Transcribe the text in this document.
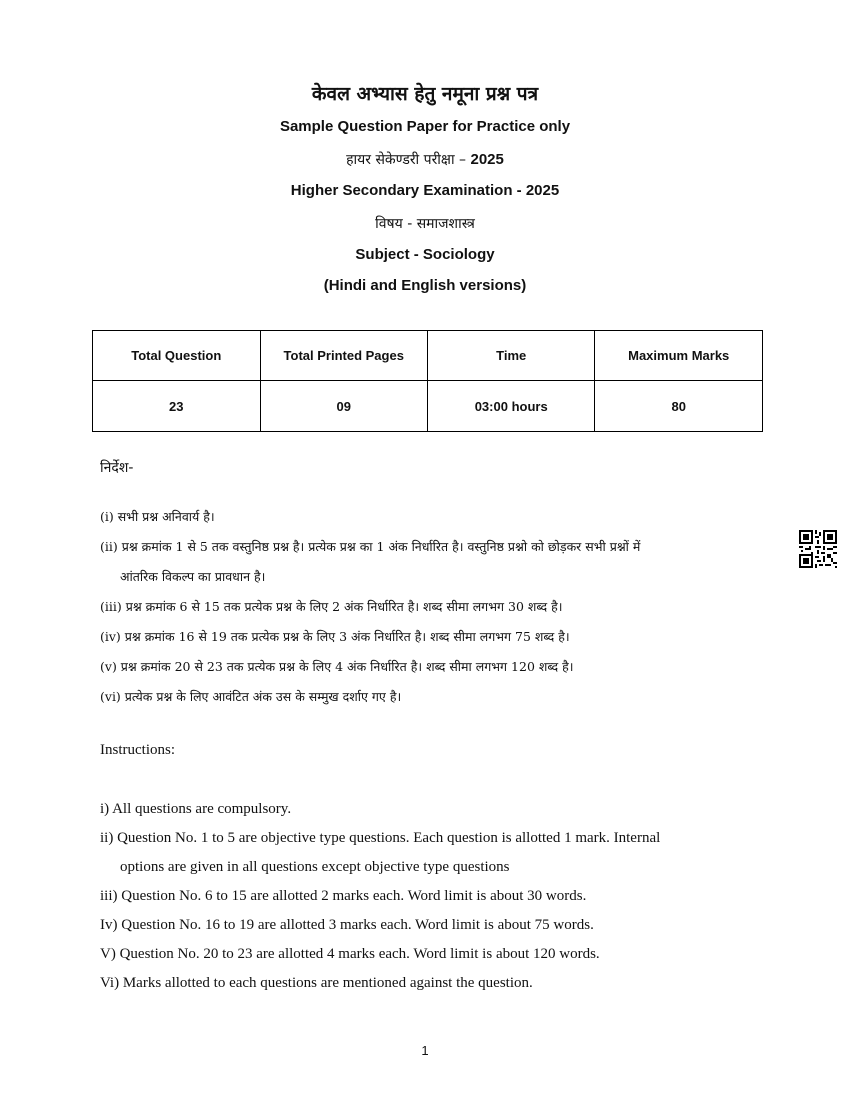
केवल अभ्यास हेतु नमूना प्रश्न पत्र
Sample Question Paper for Practice only
हायर सेकेण्डरी परीक्षा – 2025
Higher Secondary Examination - 2025
विषय - समाजशास्त्र
Subject - Sociology
(Hindi and English versions)
Total Question	Total Printed Pages	Time	Maximum Marks
23	09	03:00 hours	80
निर्देश-
(i) सभी प्रश्न अनिवार्य है।
(ii) प्रश्न क्रमांक 1 से 5 तक वस्तुनिष्ठ प्रश्न है। प्रत्येक प्रश्न का 1 अंक निर्धारित है। वस्तुनिष्ठ प्रश्नो को छोड़कर सभी प्रश्नों में
आंतरिक विकल्प का प्रावधान है।
(iii) प्रश्न क्रमांक 6 से 15 तक प्रत्येक प्रश्न के लिए 2 अंक निर्धारित है। शब्द सीमा लगभग 30 शब्द है।
(iv) प्रश्न क्रमांक 16 से 19 तक प्रत्येक प्रश्न के लिए 3 अंक निर्धारित है। शब्द सीमा लगभग 75 शब्द है।
(v) प्रश्न क्रमांक 20 से 23 तक प्रत्येक प्रश्न के लिए 4 अंक निर्धारित है। शब्द सीमा लगभग 120 शब्द है।
(vi) प्रत्येक प्रश्न के लिए आवंटित अंक उस के सम्मुख दर्शाए गए है।
Instructions:
i) All questions are compulsory.
ii) Question No. 1 to 5 are objective type questions. Each question is allotted 1 mark. Internal
options are given in all questions except objective type questions
iii) Question No. 6 to 15 are allotted 2 marks each. Word limit is about 30 words.
Iv) Question No. 16 to 19 are allotted 3 marks each. Word limit is about 75 words.
V) Question No. 20 to 23 are allotted 4 marks each. Word limit is about 120 words.
Vi) Marks allotted to each questions are mentioned against the question.
1
